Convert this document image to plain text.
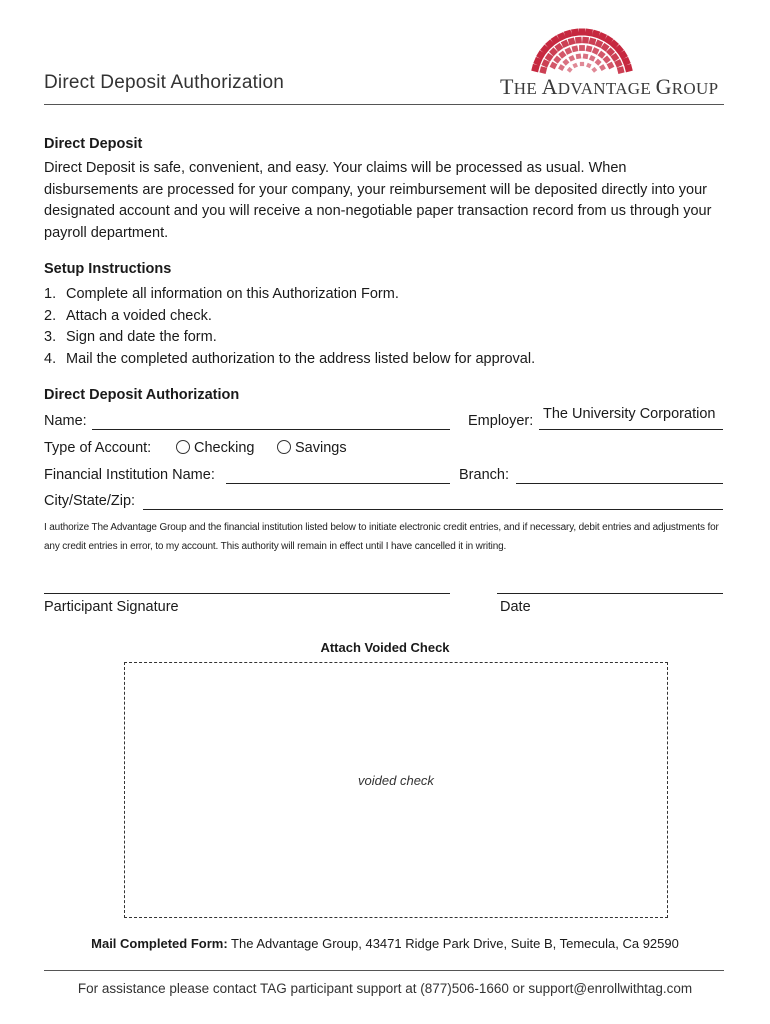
Direct Deposit Authorization	THE ADVANTAGE GROUP
Direct Deposit
Direct Deposit is safe, convenient, and easy. Your claims will be processed as usual. When disbursements are processed for your company, your reimbursement will be deposited directly into your designated account and you will receive a non-negotiable paper transaction record from us through your payroll department.
Setup Instructions
1. Complete all information on this Authorization Form.
2. Attach a voided check.
3. Sign and date the form.
4. Mail the completed authorization to the address listed below for approval.
Direct Deposit Authorization
Name:	Employer: The University Corporation
Type of Account:	Checking	Savings
Financial Institution Name:	Branch:
City/State/Zip:
I authorize The Advantage Group and the financial institution listed below to initiate electronic credit entries, and if necessary, debit entries and adjustments for any credit entries in error, to my account. This authority will remain in effect until I have cancelled it in writing.
Participant Signature	Date
Attach Voided Check
voided check
Mail Completed Form: The Advantage Group, 43471 Ridge Park Drive, Suite B, Temecula, Ca 92590
For assistance please contact TAG participant support at (877)506-1660 or support@enrollwithtag.com
